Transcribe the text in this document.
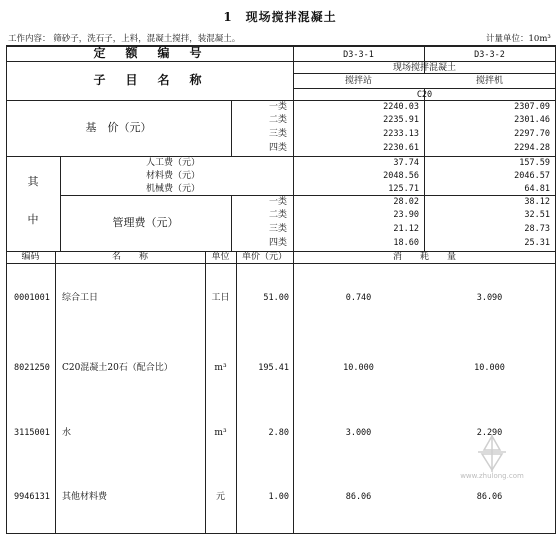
1　现场搅拌混凝土
工作内容： 筛砂子，洗石子，上料，混凝土搅拌，装混凝土。	计量单位：10m³
定　额　编　号	D3-3-1	D3-3-2
子　目　名　称
现场搅拌混凝土
搅拌站	搅拌机
C20
基　价（元）
一类	2240.03	2307.09
二类	2235.91	2301.46
三类	2233.13	2297.70
四类	2230.61	2294.28
其
中
人工费（元）	37.74	157.59
材料费（元）	2048.56	2046.57
机械费（元）	125.71	64.81
管理费（元）
一类	28.02	38.12
二类	23.90	32.51
三类	21.12	28.73
四类	18.60	25.31
编码	名　　称	单位	单价（元）	消　　耗　　量
0001001 综合工日	工日	51.00	0.740	3.090
8021250 C20混凝土20石（配合比）	m³	195.41	10.000	10.000
3115001 水	m³	2.80	3.000	2.290
9946131 其他材料费	元	1.00	86.06	86.06
www.zhulong.com
